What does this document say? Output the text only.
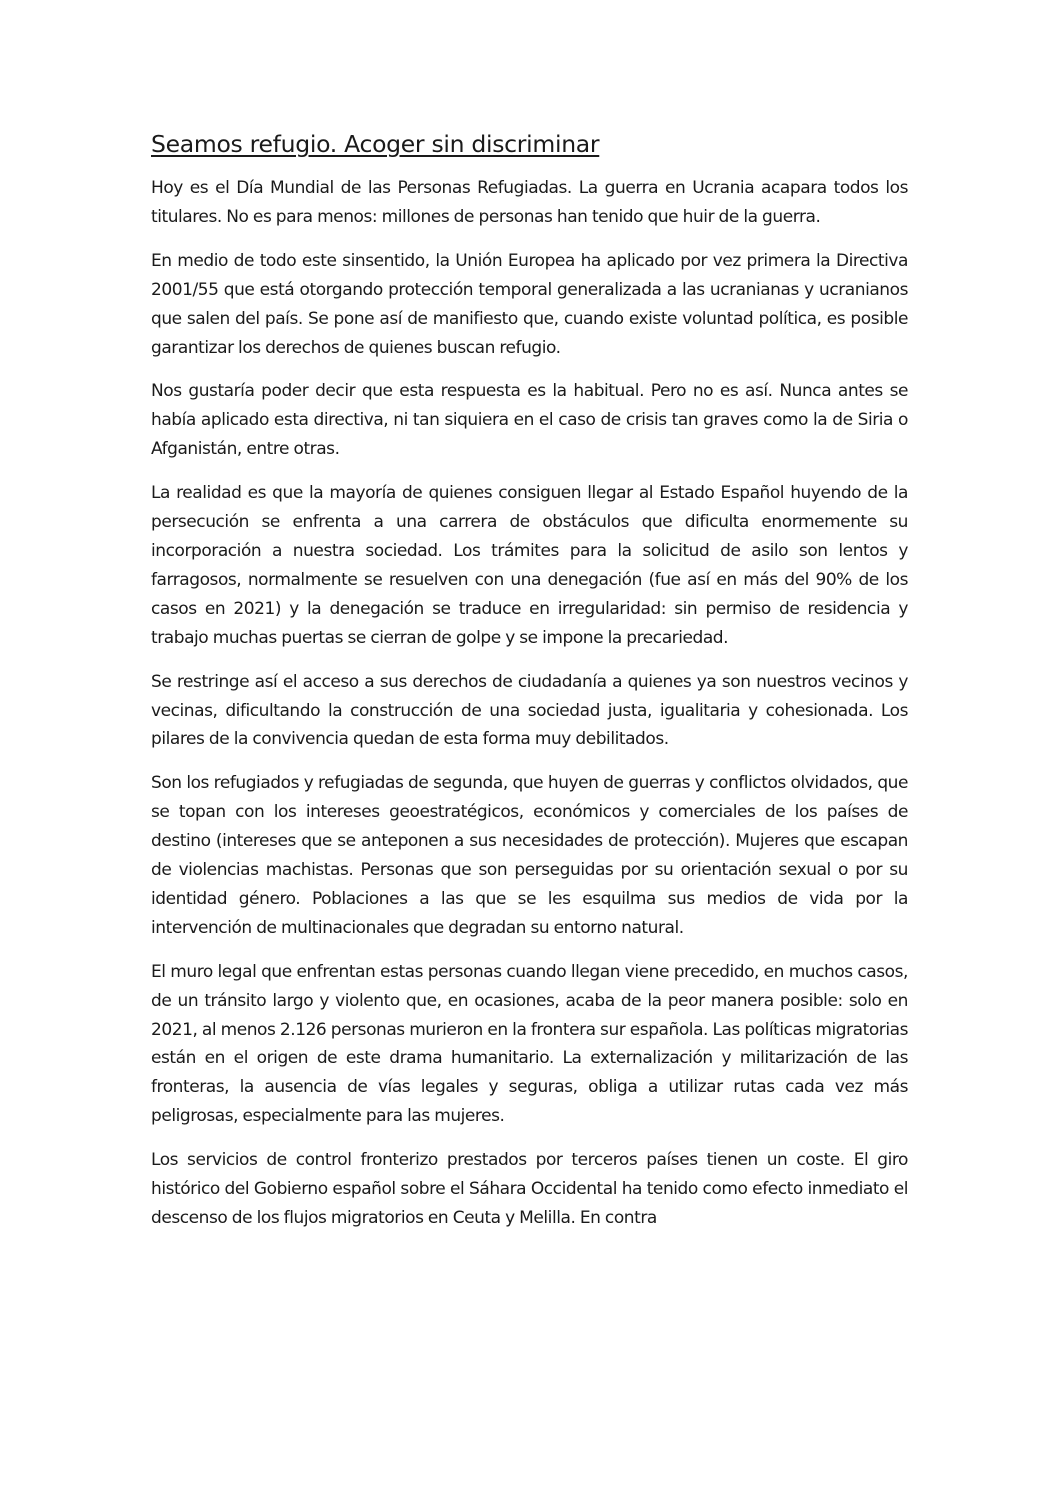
Seamos refugio. Acoger sin discriminar

Hoy es el Día Mundial de las Personas Refugiadas. La guerra en Ucrania acapara todos los titulares. No es para menos: millones de personas han tenido que huir de la guerra.

En medio de todo este sinsentido, la Unión Europea ha aplicado por vez primera la Directiva 2001/55 que está otorgando protección temporal generalizada a las ucranianas y ucranianos que salen del país. Se pone así de manifiesto que, cuando existe voluntad política, es posible garantizar los derechos de quienes buscan refugio.

Nos gustaría poder decir que esta respuesta es la habitual. Pero no es así. Nunca antes se había aplicado esta directiva, ni tan siquiera en el caso de crisis tan graves como la de Siria o Afganistán, entre otras.

La realidad es que la mayoría de quienes consiguen llegar al Estado Español huyendo de la persecución se enfrenta a una carrera de obstáculos que dificulta enormemente su incorporación a nuestra sociedad. Los trámites para la solicitud de asilo son lentos y farragosos, normalmente se resuelven con una denegación (fue así en más del 90% de los casos en 2021) y la denegación se traduce en irregularidad: sin permiso de residencia y trabajo muchas puertas se cierran de golpe y se impone la precariedad.

Se restringe así el acceso a sus derechos de ciudadanía a quienes ya son nuestros vecinos y vecinas, dificultando la construcción de una sociedad justa, igualitaria y cohesionada. Los pilares de la convivencia quedan de esta forma muy debilitados.

Son los refugiados y refugiadas de segunda, que huyen de guerras y conflictos olvidados, que se topan con los intereses geoestratégicos, económicos y comerciales de los países de destino (intereses que se anteponen a sus necesidades de protección). Mujeres que escapan de violencias machistas. Personas que son perseguidas por su orientación sexual o por su identidad género. Poblaciones a las que se les esquilma sus medios de vida por la intervención de multinacionales que degradan su entorno natural.

El muro legal que enfrentan estas personas cuando llegan viene precedido, en muchos casos, de un tránsito largo y violento que, en ocasiones, acaba de la peor manera posible: solo en 2021, al menos 2.126 personas murieron en la frontera sur española. Las políticas migratorias están en el origen de este drama humanitario. La externalización y militarización de las fronteras, la ausencia de vías legales y seguras, obliga a utilizar rutas cada vez más peligrosas, especialmente para las mujeres.

Los servicios de control fronterizo prestados por terceros países tienen un coste. El giro histórico del Gobierno español sobre el Sáhara Occidental ha tenido como efecto inmediato el descenso de los flujos migratorios en Ceuta y Melilla. En contra
